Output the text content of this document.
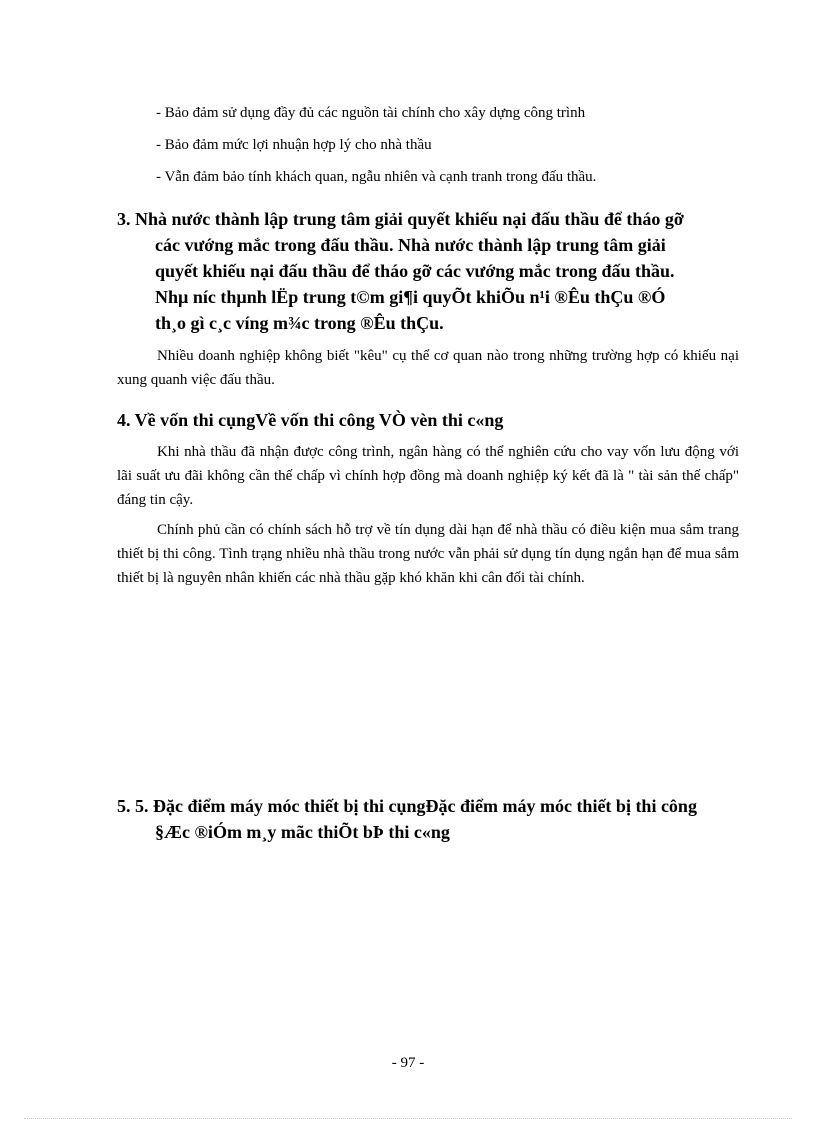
- Bảo đảm sử dụng đầy đủ các nguồn tài chính cho xây dựng công trình
- Bảo đảm mức lợi nhuận hợp lý cho nhà thầu
- Vẫn đảm bảo tính khách quan, ngẫu nhiên và cạnh tranh trong đấu thầu.
3. Nhà nước thành lập trung tâm giải quyết khiếu nại đấu thầu để tháo gỡ
các vướng mắc trong đấu thầu. Nhà nước thành lập trung tâm giải
quyết khiếu nại đấu thầu để tháo gỡ các vướng mắc trong đấu thầu.
Nhµ níc thµnh lËp trung t©m gi¶i quyÕt khiÕu n¹i ®Êu thÇu ®Ó
th¸o gì c¸c víng m¾c trong ®Êu thÇu.
Nhiều doanh nghiệp không biết "kêu" cụ thể cơ quan nào trong những trường hợp có khiếu nại xung quanh việc đấu thầu.
4. Về vốn thi cụngVề vốn thi công VÒ vèn thi c«ng
Khi nhà thầu đã nhận được công trình, ngân hàng có thể nghiên cứu cho vay vốn lưu động với lãi suất ưu đãi không cần thế chấp vì chính hợp đồng mà doanh nghiệp ký kết đã là " tài sản thế chấp" đáng tin cậy.
Chính phủ cần có chính sách hỗ trợ về tín dụng dài hạn để nhà thầu có điều kiện mua sắm trang thiết bị thi công. Tình trạng nhiều nhà thầu trong nước vẫn phải sử dụng tín dụng ngắn hạn để mua sắm thiết bị là nguyên nhân khiến các nhà thầu gặp khó khăn khi cân đối tài chính.
5. 5. Đặc điểm máy móc thiết bị thi cụngĐặc điểm máy móc thiết bị thi công
§Æc ®iÓm m¸y mãc thiÕt bÞ thi c«ng
- 97 -
